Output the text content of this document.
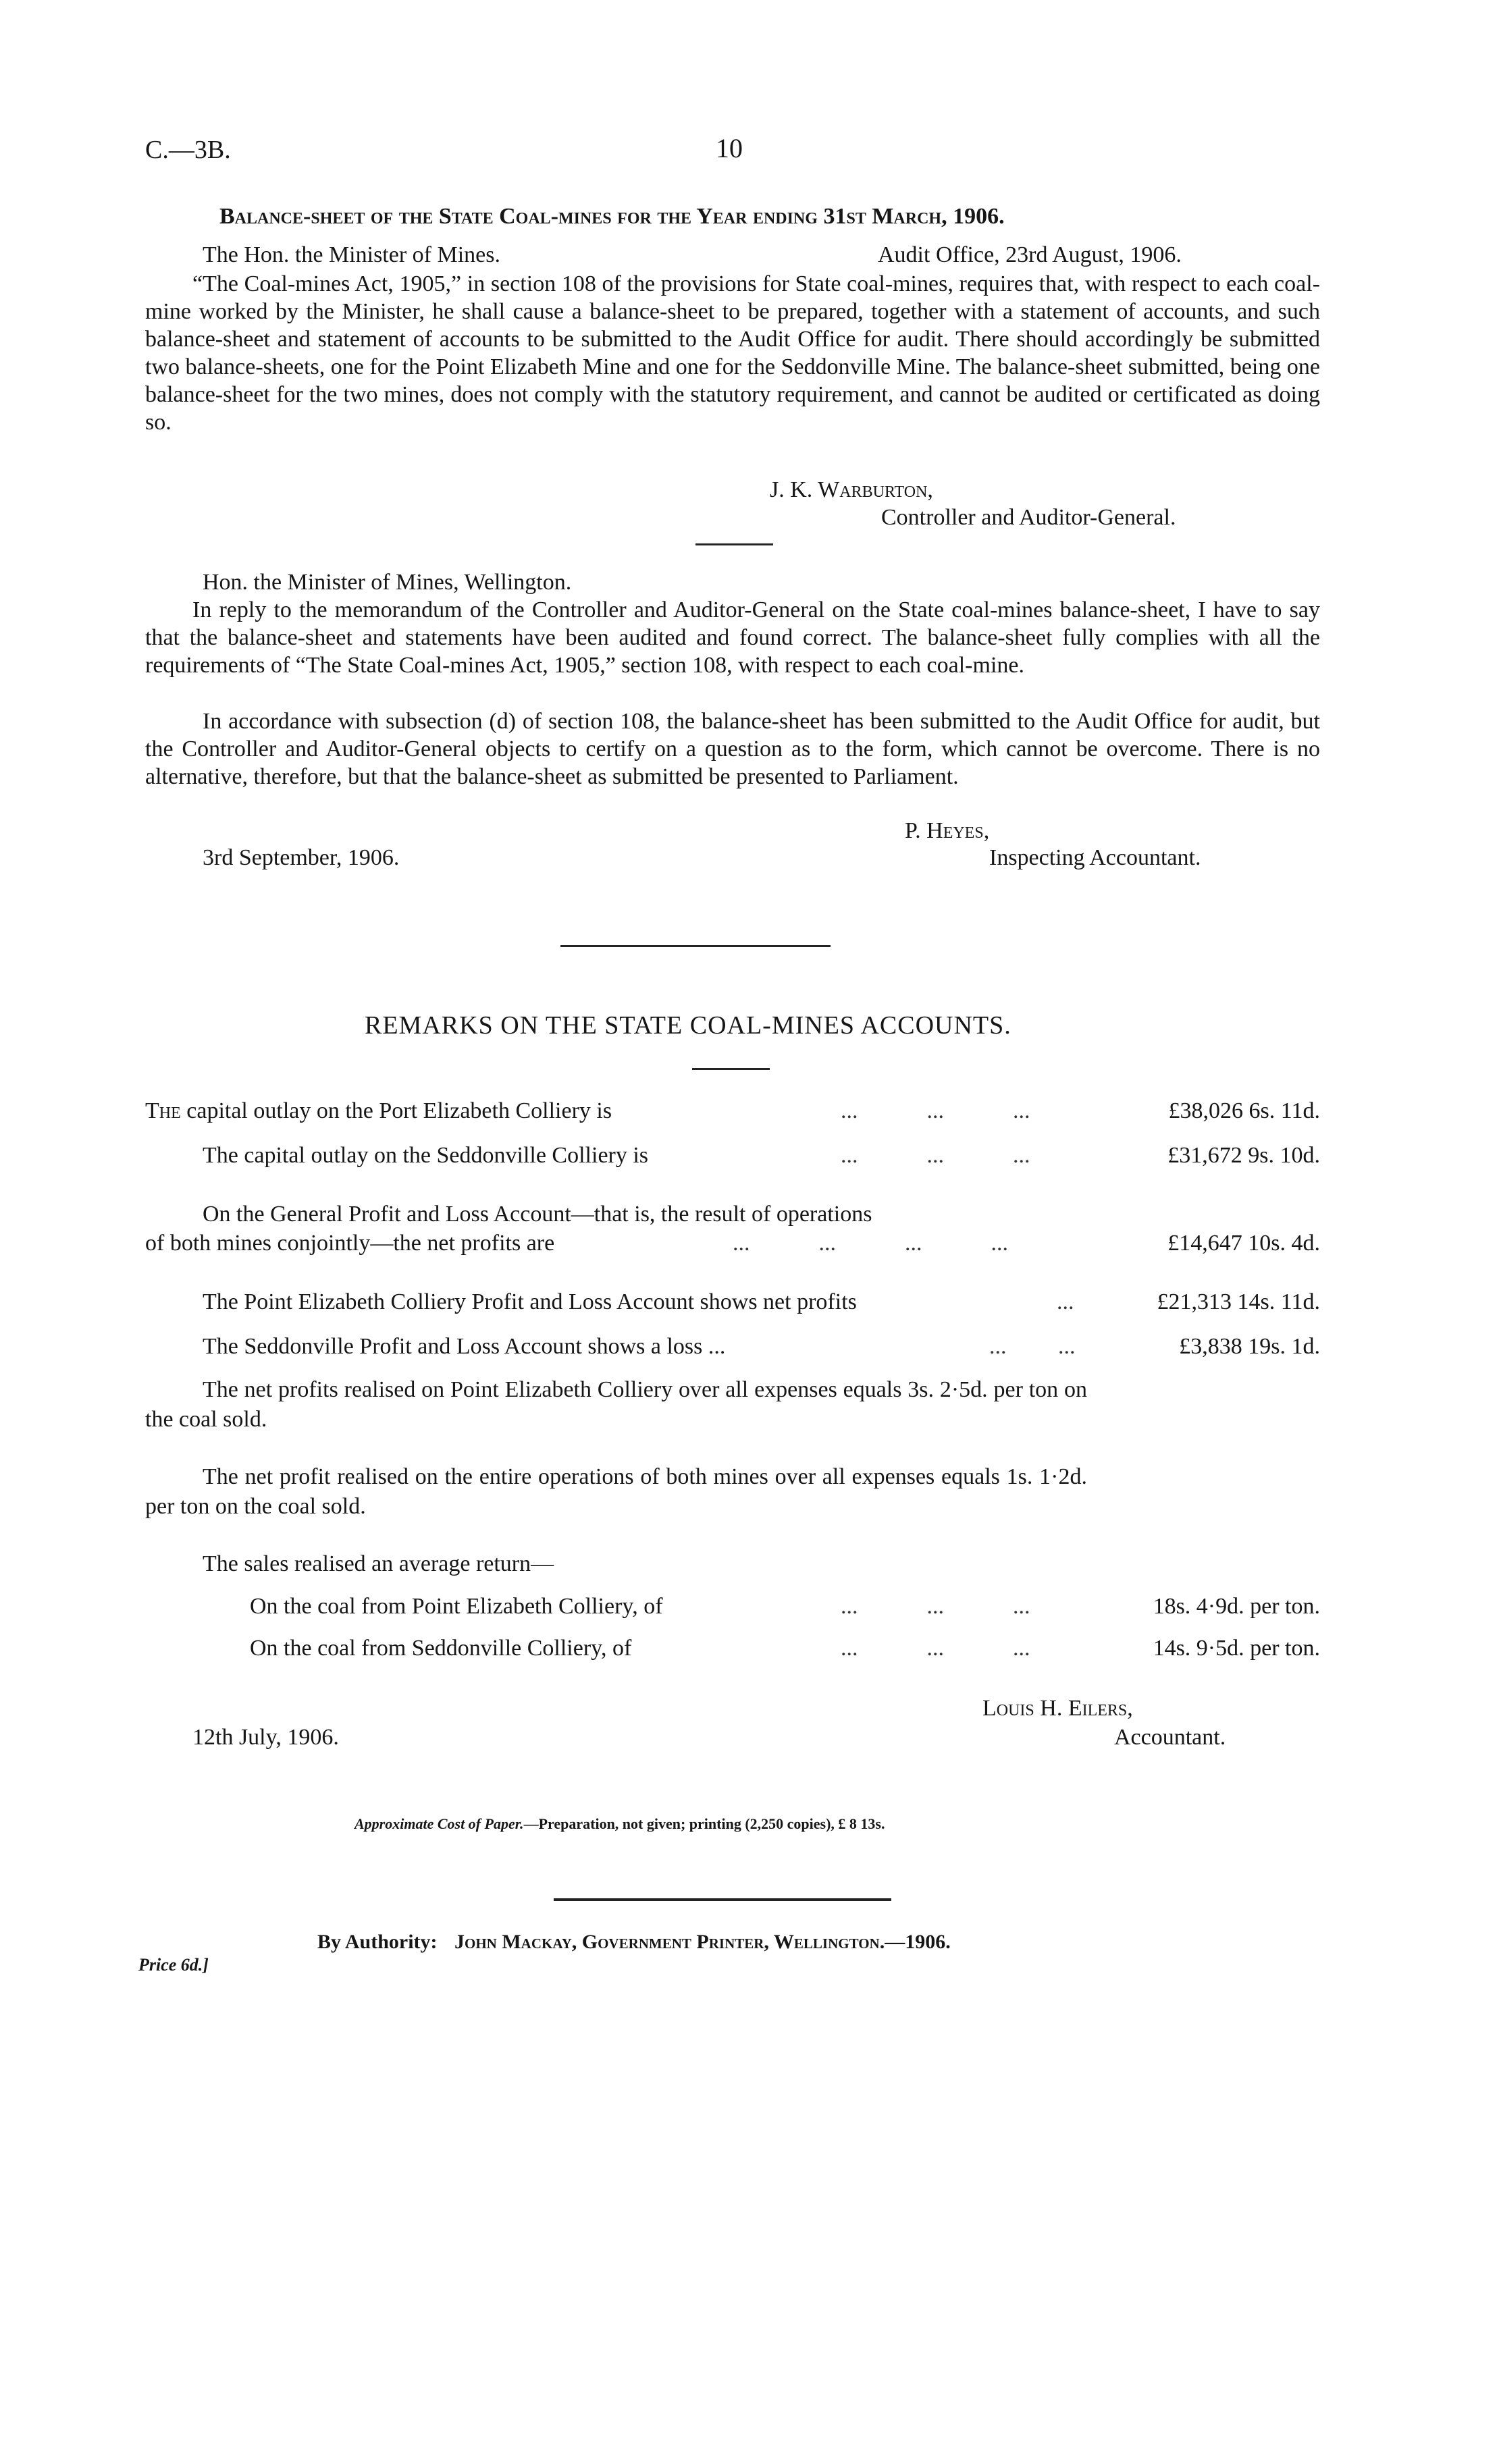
C.—3B.	10
Balance-sheet of the State Coal-mines for the Year ending 31st March, 1906.
The Hon. the Minister of Mines.	Audit Office, 23rd August, 1906.
“The Coal-mines Act, 1905,” in section 108 of the provisions for State coal-mines, requires that, with respect to each coal-mine worked by the Minister, he shall cause a balance-sheet to be prepared, together with a statement of accounts, and such balance-sheet and statement of accounts to be submitted to the Audit Office for audit. There should accordingly be submitted two balance-sheets, one for the Point Elizabeth Mine and one for the Seddonville Mine. The balance-sheet submitted, being one balance-sheet for the two mines, does not comply with the statutory requirement, and cannot be audited or certificated as doing so.
J. K. Warburton,
Controller and Auditor-General.
Hon. the Minister of Mines, Wellington.
In reply to the memorandum of the Controller and Auditor-General on the State coal-mines balance-sheet, I have to say that the balance-sheet and statements have been audited and found correct. The balance-sheet fully complies with all the requirements of “The State Coal-mines Act, 1905,” section 108, with respect to each coal-mine.
In accordance with subsection (d) of section 108, the balance-sheet has been submitted to the Audit Office for audit, but the Controller and Auditor-General objects to certify on a question as to the form, which cannot be overcome. There is no alternative, therefore, but that the balance-sheet as submitted be presented to Parliament.
P. Heyes,
3rd September, 1906.	Inspecting Accountant.
REMARKS ON THE STATE COAL-MINES ACCOUNTS.
The capital outlay on the Port Elizabeth Colliery is	...            ...            ...	£38,026 6s. 11d.
The capital outlay on the Seddonville Colliery is	...            ...            ...	£31,672 9s. 10d.
On the General Profit and Loss Account—that is, the result of operations
of both mines conjointly—the net profits are	...            ...            ...            ...	£14,647 10s. 4d.
The Point Elizabeth Colliery Profit and Loss Account shows net profits	...	£21,313 14s. 11d.
The Seddonville Profit and Loss Account shows a loss ...	...         ...	£3,838 19s. 1d.
The net profits realised on Point Elizabeth Colliery over all expenses equals 3s. 2·5d. per ton on the coal sold.
The net profit realised on the entire operations of both mines over all expenses equals 1s. 1·2d. per ton on the coal sold.
The sales realised an average return—
On the coal from Point Elizabeth Colliery, of	...            ...            ...	18s. 4·9d. per ton.
On the coal from Seddonville Colliery, of	...            ...            ...	14s. 9·5d. per ton.
Louis H. Eilers,
12th July, 1906.	Accountant.
Approximate Cost of Paper.—Preparation, not given; printing (2,250 copies), £ 8 13s.
By Authority: John Mackay, Government Printer, Wellington.—1906.
Price 6d.]
